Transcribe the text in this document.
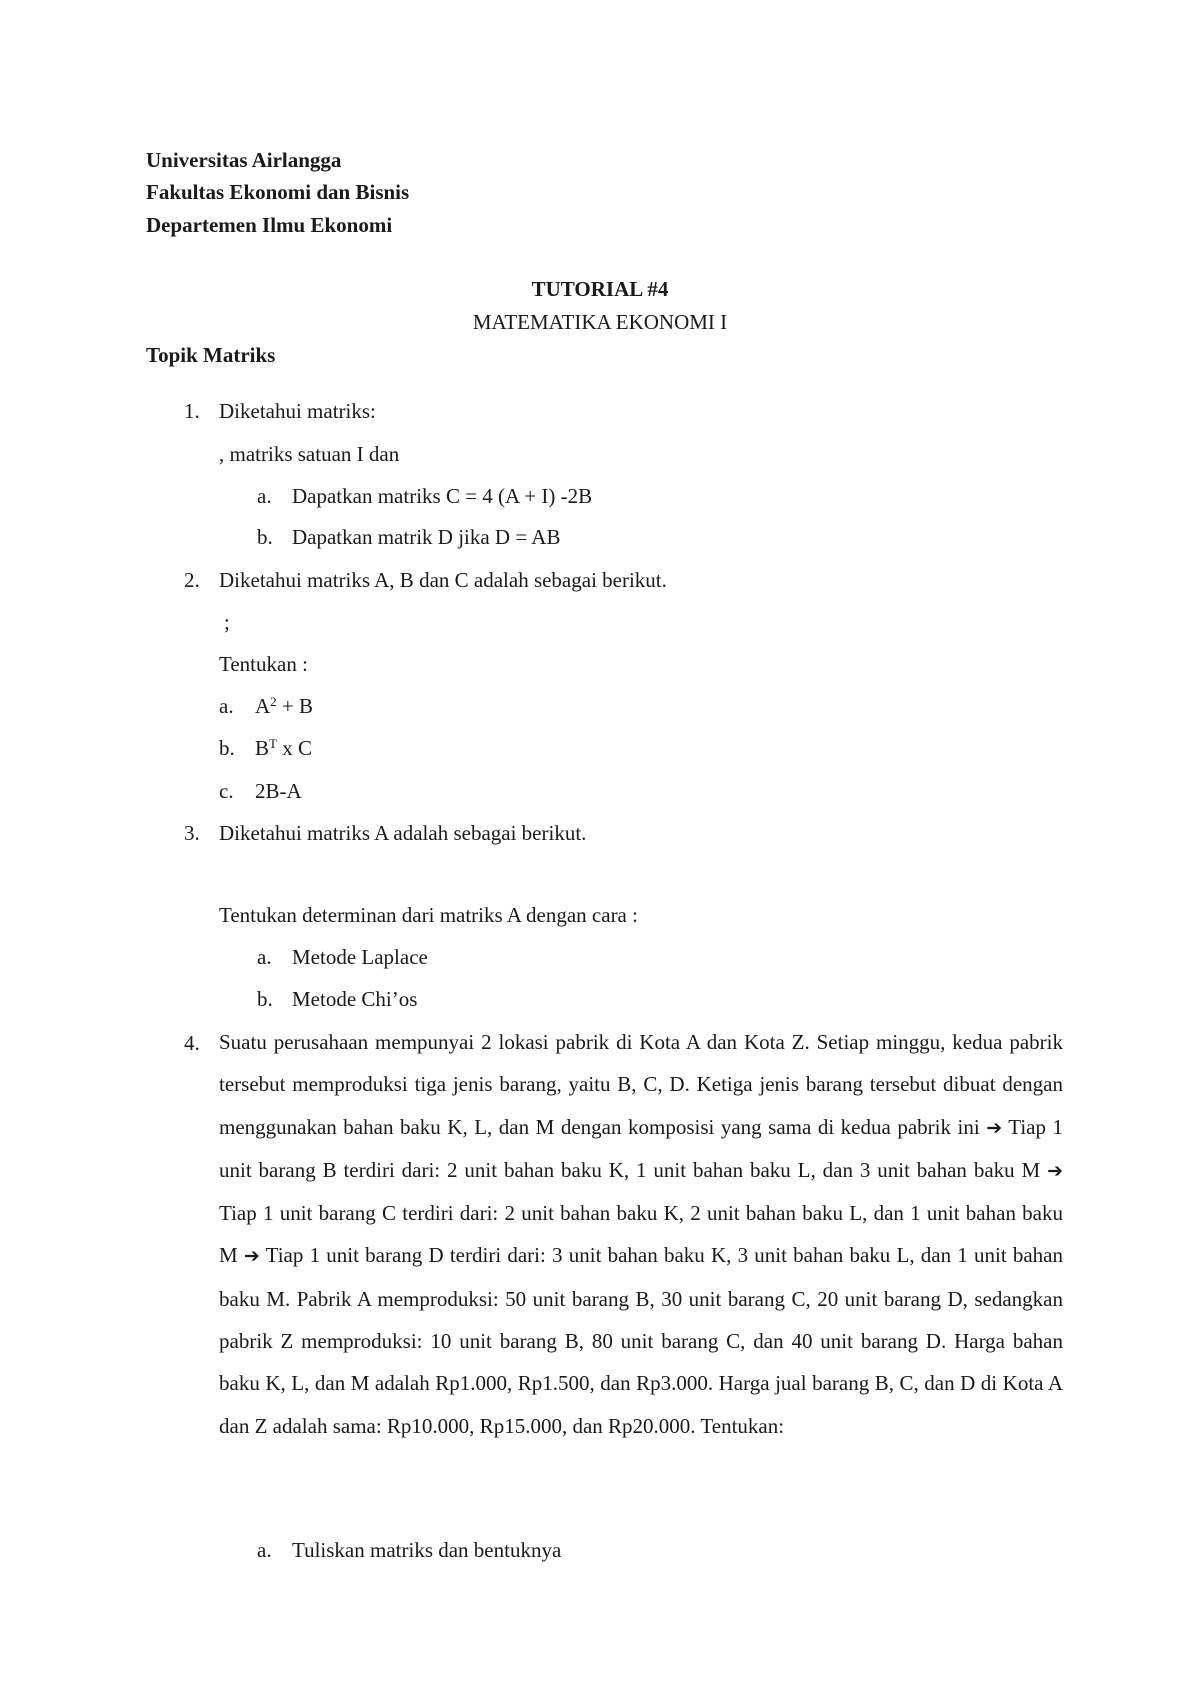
Universitas Airlangga
Fakultas Ekonomi dan Bisnis
Departemen Ilmu Ekonomi
TUTORIAL #4
MATEMATIKA EKONOMI I
Topik Matriks
1. Diketahui matriks:
, matriks satuan I dan
a. Dapatkan matriks C = 4 (A + I) -2B
b. Dapatkan matrik D jika D = AB
2. Diketahui matriks A, B dan C adalah sebagai berikut.
;
Tentukan :
a. $A^2 + B$
b. $B^T$ x C
c. 2B-A
3. Diketahui matriks A adalah sebagai berikut.
Tentukan determinan dari matriks A dengan cara :
a. Metode Laplace
b. Metode Chi’os
4. Suatu perusahaan mempunyai 2 lokasi pabrik di Kota A dan Kota Z. Setiap minggu, kedua pabrik tersebut memproduksi tiga jenis barang, yaitu B, C, D. Ketiga jenis barang tersebut dibuat dengan menggunakan bahan baku K, L, dan M dengan komposisi yang sama di kedua pabrik ini ➔ Tiap 1 unit barang B terdiri dari: 2 unit bahan baku K, 1 unit bahan baku L, dan 3 unit bahan baku M ➔ Tiap 1 unit barang C terdiri dari: 2 unit bahan baku K, 2 unit bahan baku L, dan 1 unit bahan baku M ➔ Tiap 1 unit barang D terdiri dari: 3 unit bahan baku K, 3 unit bahan baku L, dan 1 unit bahan baku M. Pabrik A memproduksi: 50 unit barang B, 30 unit barang C, 20 unit barang D, sedangkan pabrik Z memproduksi: 10 unit barang B, 80 unit barang C, dan 40 unit barang D. Harga bahan baku K, L, dan M adalah Rp1.000, Rp1.500, dan Rp3.000. Harga jual barang B, C, dan D di Kota A dan Z adalah sama: Rp10.000, Rp15.000, dan Rp20.000. Tentukan:

a. Tuliskan matriks dan bentuknya
